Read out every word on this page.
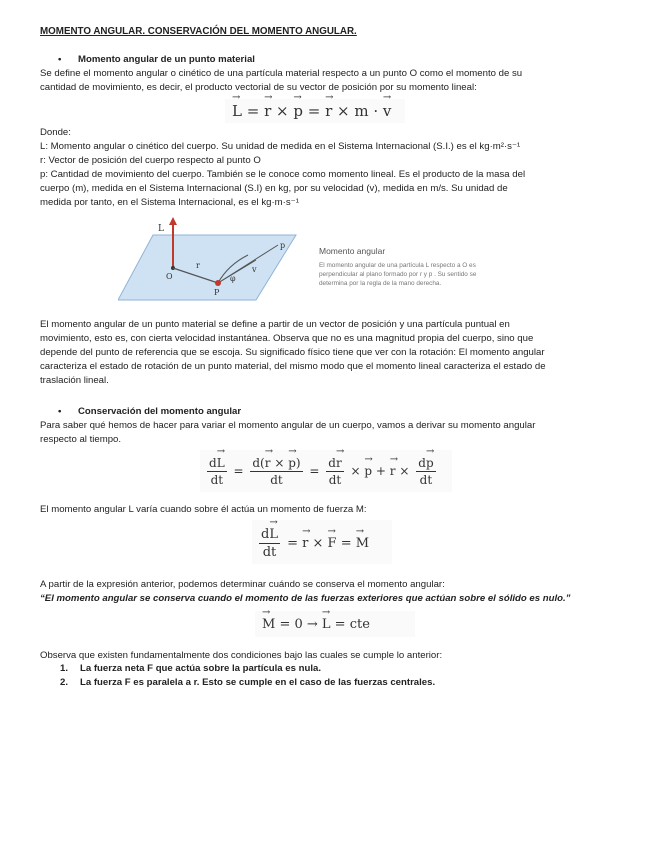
MOMENTO ANGULAR. CONSERVACIÓN DEL MOMENTO ANGULAR.
• Momento angular de un punto material
Se define el momento angular o cinético de una partícula material respecto a un punto O como el momento de su
cantidad de movimiento, es decir, el producto vectorial de su vector de posición por su momento lineal:
→ L = → r × → p = → r × m · → v
Donde:
L: Momento angular o cinético del cuerpo. Su unidad de medida en el Sistema Internacional (S.I.) es el kg·m²·s⁻¹
r: Vector de posición del cuerpo respecto al punto O
p: Cantidad de movimiento del cuerpo. También se le conoce como momento lineal. Es el producto de la masa del
cuerpo (m), medida en el Sistema Internacional (S.I) en kg, por su velocidad (v), medida en m/s. Su unidad de
medida por tanto, en el Sistema Internacional, es el kg·m·s⁻¹
L
O
r
p
v
P
φ
Momento angular
El momento angular de una partícula L respecto a O es
perpendicular al plano formado por r y p . Su sentido se
determina por la regla de la mano derecha.
El momento angular de un punto material se define a partir de un vector de posición y una partícula puntual en
movimiento, esto es, con cierta velocidad instantánea. Observa que no es una magnitud propia del cuerpo, sino que
depende del punto de referencia que se escoja. Su significado físico tiene que ver con la rotación: El momento angular
caracteriza el estado de rotación de un punto material, del mismo modo que el momento lineal caracteriza el estado de
traslación lineal.
• Conservación del momento angular
Para saber qué hemos de hacer para variar el momento angular de un cuerpo, vamos a derivar su momento angular
respecto al tiempo.
$\frac{d\to L}{dt} = \frac{d(\to r \times \to p)}{dt} = \frac{d\to r}{dt}$ × → p + → $r \times \frac{d\to p}{dt}$
El momento angular L varía cuando sobre él actúa un momento de fuerza M:
$\frac{d\to L}{dt}$ = → r × → F = → M
A partir de la expresión anterior, podemos determinar cuándo se conserva el momento angular:
“El momento angular se conserva cuando el momento de las fuerzas exteriores que actúan sobre el sólido es nulo.”
→ M = 0 → → L = cte
Observa que existen fundamentalmente dos condiciones bajo las cuales se cumple lo anterior:
1. La fuerza neta F que actúa sobre la partícula es nula.
2. La fuerza F es paralela a r. Esto se cumple en el caso de las fuerzas centrales.
L = r × p = r × m · v
dL/dt = d(r × p)/dt = dr/dt × p + r × dp/dt
dL/dt = r × F = M
M = 0 → L = cte
